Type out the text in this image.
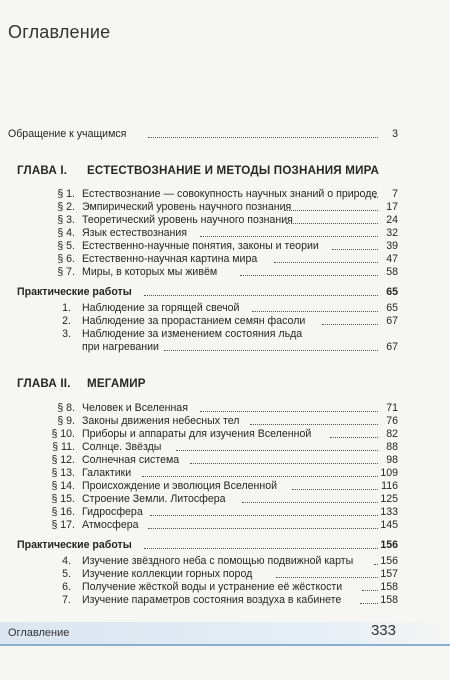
Оглавление
Обращение к учащимся	3
ГЛАВА I. ЕСТЕСТВОЗНАНИЕ И МЕТОДЫ ПОЗНАНИЯ МИРА
§ 1. Естествознание — совокупность научных знаний о природе 7
§ 2. Эмпирический уровень научного познания	17
§ 3. Теоретический уровень научного познания	24
§ 4. Язык естествознания	32
§ 5. Естественно-научные понятия, законы и теории	39
§ 6. Естественно-научная картина мира	47
§ 7. Миры, в которых мы живём	58
Практические работы	65
1. Наблюдение за горящей свечой	65
2. Наблюдение за прорастанием семян фасоли	67
3. Наблюдение за изменением состояния льда
при нагревании	67
ГЛАВА II. МЕГАМИР
§ 8. Человек и Вселенная	71
§ 9. Законы движения небесных тел	76
§ 10. Приборы и аппараты для изучения Вселенной	82
§ 11. Солнце. Звёзды	88
§ 12. Солнечная система	98
§ 13. Галактики	109
§ 14. Происхождение и эволюция Вселенной	116
§ 15. Строение Земли. Литосфера	125
§ 16. Гидросфера	133
§ 17. Атмосфера	145
Практические работы	156
4. Изучение звёздного неба с помощью подвижной карты	156
5. Изучение коллекции горных пород	157
6. Получение жёсткой воды и устранение её жёсткости	158
7. Изучение параметров состояния воздуха в кабинете	158
Оглавление	333
